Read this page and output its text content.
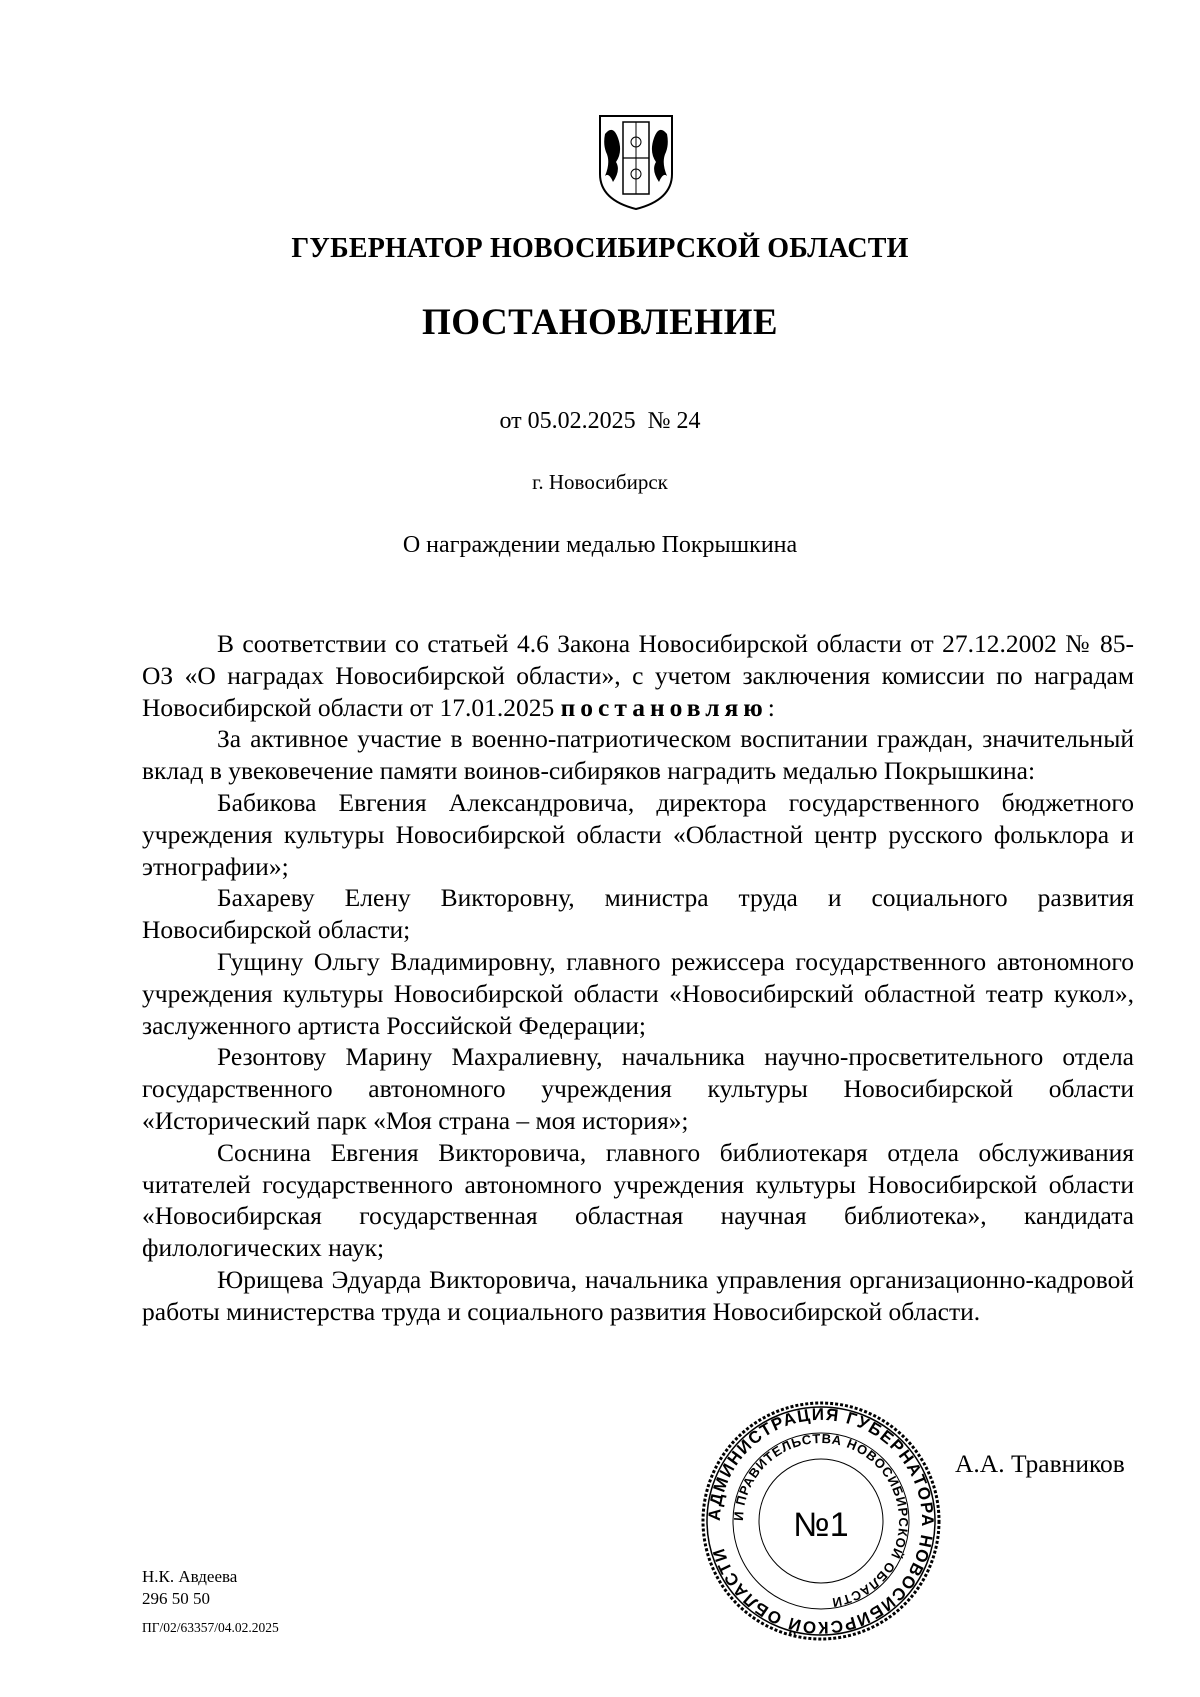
ГУБЕРНАТОР НОВОСИБИРСКОЙ ОБЛАСТИ
ПОСТАНОВЛЕНИЕ
от 05.02.2025  № 24
г. Новосибирск
О награждении медалью Покрышкина

В соответствии со статьей 4.6 Закона Новосибирской области от 27.12.2002 № 85-ОЗ «О наградах Новосибирской области», с учетом заключения комиссии по наградам Новосибирской области от 17.01.2025 постановляю:

За активное участие в военно-патриотическом воспитании граждан, значительный вклад в увековечение памяти воинов-сибиряков наградить медалью Покрышкина:

Бабикова Евгения Александровича, директора государственного бюджетного учреждения культуры Новосибирской области «Областной центр русского фольклора и этнографии»;

Бахареву Елену Викторовну, министра труда и социального развития Новосибирской области;

Гущину Ольгу Владимировну, главного режиссера государственного автономного учреждения культуры Новосибирской области «Новосибирский областной театр кукол», заслуженного артиста Российской Федерации;

Резонтову Марину Махралиевну, начальника научно-просветительного отдела государственного автономного учреждения культуры Новосибирской области «Исторический парк «Моя страна – моя история»;

Соснина Евгения Викторовича, главного библиотекаря отдела обслуживания читателей государственного автономного учреждения культуры Новосибирской области «Новосибирская государственная областная научная библиотека», кандидата филологических наук;

Юрищева Эдуарда Викторовича, начальника управления организационно-кадровой работы министерства труда и социального развития Новосибирской области.

АДМИНИСТРАЦИЯ ГУБЕРНАТОРА НОВОСИБИРСКОЙ ОБЛАСТИ
И ПРАВИТЕЛЬСТВА НОВОСИБИРСКОЙ ОБЛАСТИ
№1
А.А. Травников
Н.К. Авдеева
296 50 50
ПГ/02/63357/04.02.2025
